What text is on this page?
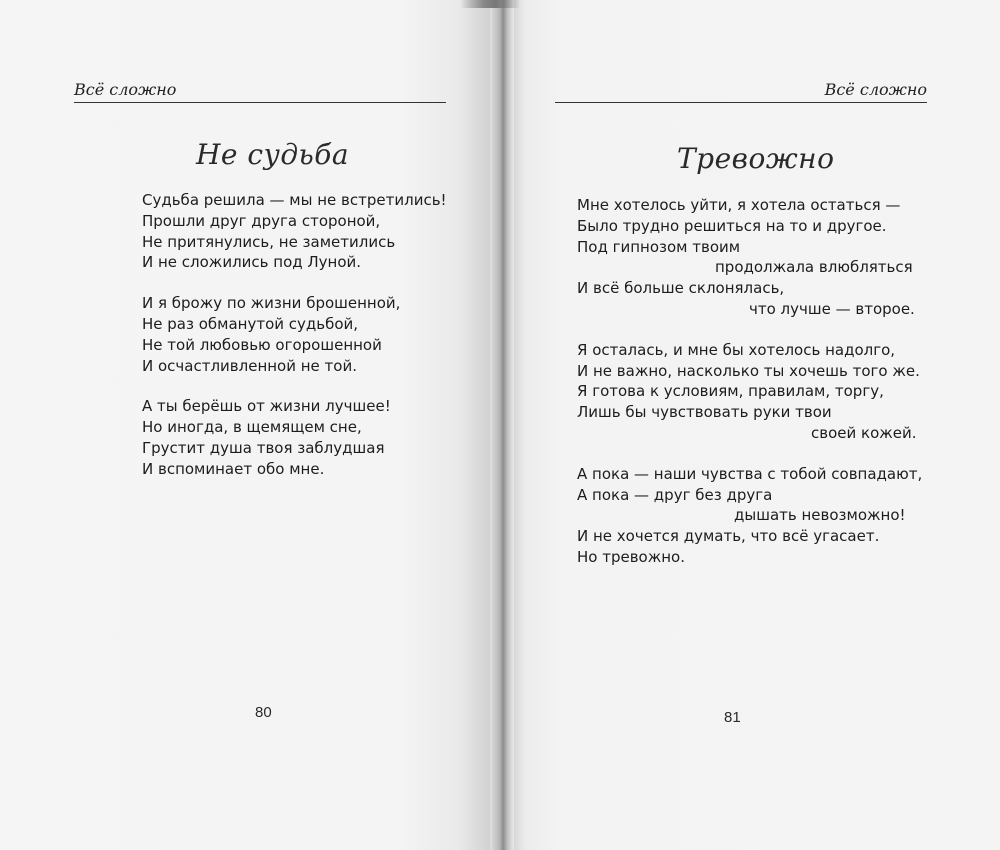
Всё сложно
Не судьба
Судьба решила — мы не встретились!
Прошли друг друга стороной,
Не притянулись, не заметились
И не сложились под Луной.
И я брожу по жизни брошенной,
Не раз обманутой судьбой,
Не той любовью огорошенной
И осчастливленной не той.
А ты берёшь от жизни лучшее!
Но иногда, в щемящем сне,
Грустит душа твоя заблудшая
И вспоминает обо мне.
80
Всё сложно
Тревожно
Мне хотелось уйти, я хотела остаться —
Было трудно решиться на то и другое.
Под гипнозом твоим
продолжала влюбляться
И всё больше склонялась,
что лучше — второе.
Я осталась, и мне бы хотелось надолго,
И не важно, насколько ты хочешь того же.
Я готова к условиям, правилам, торгу,
Лишь бы чувствовать руки твои
своей кожей.
А пока — наши чувства с тобой совпадают,
А пока — друг без друга
дышать невозможно!
И не хочется думать, что всё угасает.
Но тревожно.
81
